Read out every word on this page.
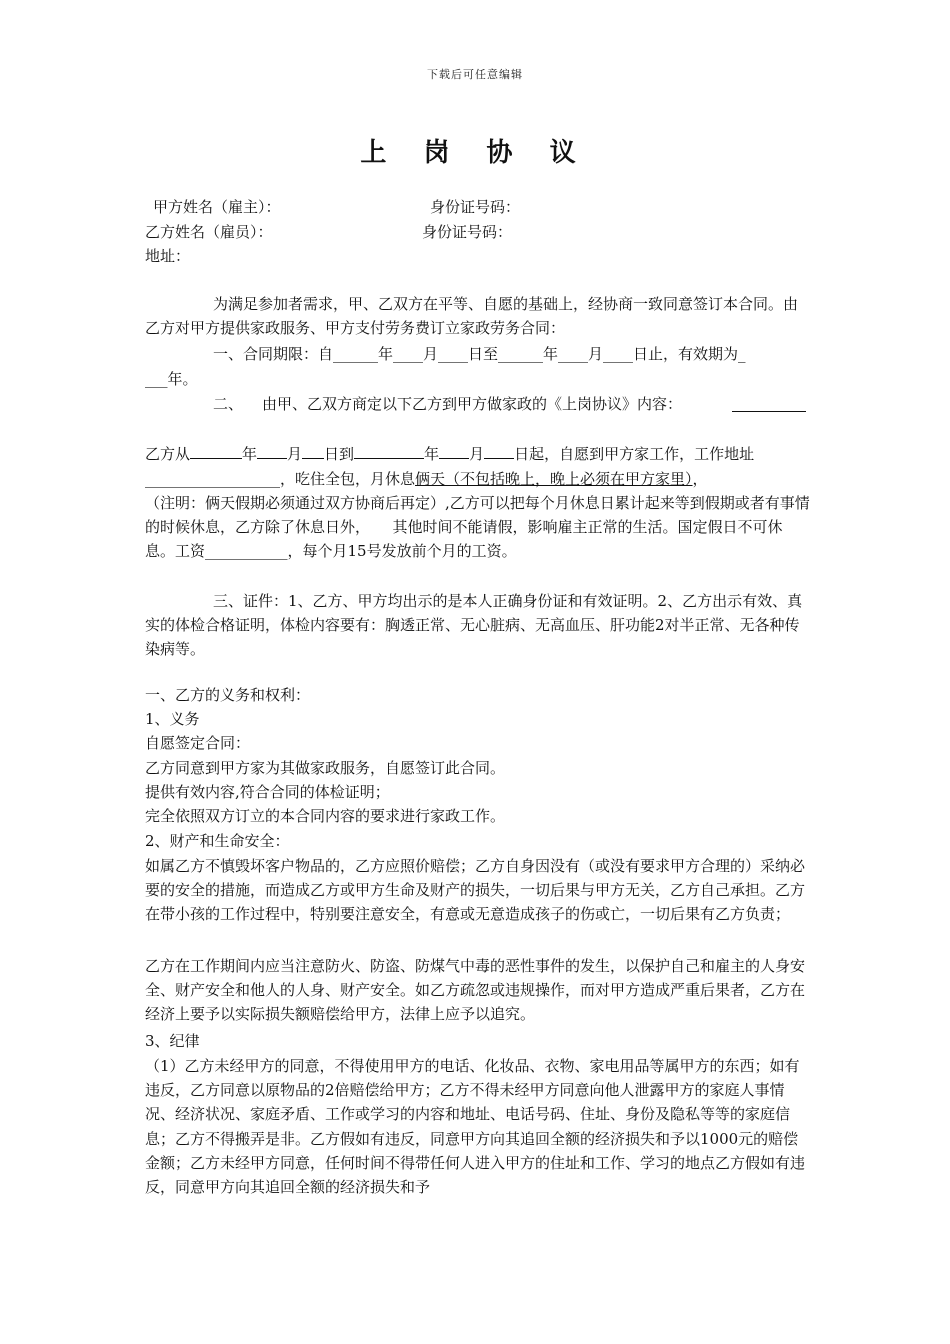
下载后可任意编辑
上 岗 协 议
甲方姓名（雇主）：	身份证号码：
乙方姓名（雇员）：	身份证号码：
地址：
为满足参加者需求，甲、乙双方在平等、自愿的基础上，经协商一致同意签订本合同。由乙方对甲方提供家政服务、甲方支付劳务费订立家政劳务合同：
一、合同期限：自______年____月____日至______年____月____日止，有效期为_
___年。
二、 由甲、乙双方商定以下乙方到甲方做家政的《上岗协议》内容：
乙方从	年 月 日到	年 月 日起，自愿到甲方家工作，工作地址
__________________，吃住全包，月休息俩天（不包括晚上，晚上必须在甲方家里），
（注明：俩天假期必须通过双方协商后再定）,乙方可以把每个月休息日累计起来等到假期或者有事情的时候休息，乙方除了休息日外，　　其他时间不能请假，影响雇主正常的生活。国定假日不可休息。工资___________，每个月15号发放前个月的工资。
三、证件：1、乙方、甲方均出示的是本人正确身份证和有效证明。2、乙方出示有效、真实的体检合格证明，体检内容要有：胸透正常、无心脏病、无高血压、肝功能2对半正常、无各种传染病等。
一、乙方的义务和权利：
1、义务
自愿签定合同：
乙方同意到甲方家为其做家政服务，自愿签订此合同。
提供有效内容,符合合同的体检证明；
完全依照双方订立的本合同内容的要求进行家政工作。
2、财产和生命安全：
如属乙方不慎毁坏客户物品的，乙方应照价赔偿；乙方自身因没有（或没有要求甲方合理的）采纳必要的安全的措施，而造成乙方或甲方生命及财产的损失，一切后果与甲方无关，乙方自己承担。乙方在带小孩的工作过程中，特别要注意安全，有意或无意造成孩子的伤或亡，一切后果有乙方负责；
乙方在工作期间内应当注意防火、防盗、防煤气中毒的恶性事件的发生，以保护自己和雇主的人身安全、财产安全和他人的人身、财产安全。如乙方疏忽或违规操作，而对甲方造成严重后果者，乙方在经济上要予以实际损失额赔偿给甲方，法律上应予以追究。
3、纪律
（1）乙方未经甲方的同意，不得使用甲方的电话、化妆品、衣物、家电用品等属甲方的东西；如有违反，乙方同意以原物品的2倍赔偿给甲方；乙方不得未经甲方同意向他人泄露甲方的家庭人事情况、经济状况、家庭矛盾、工作或学习的内容和地址、电话号码、住址、身份及隐私等等的家庭信息；乙方不得搬弄是非。乙方假如有违反，同意甲方向其追回全额的经济损失和予以1000元的赔偿金额；乙方未经甲方同意，任何时间不得带任何人进入甲方的住址和工作、学习的地点乙方假如有违反，同意甲方向其追回全额的经济损失和予
